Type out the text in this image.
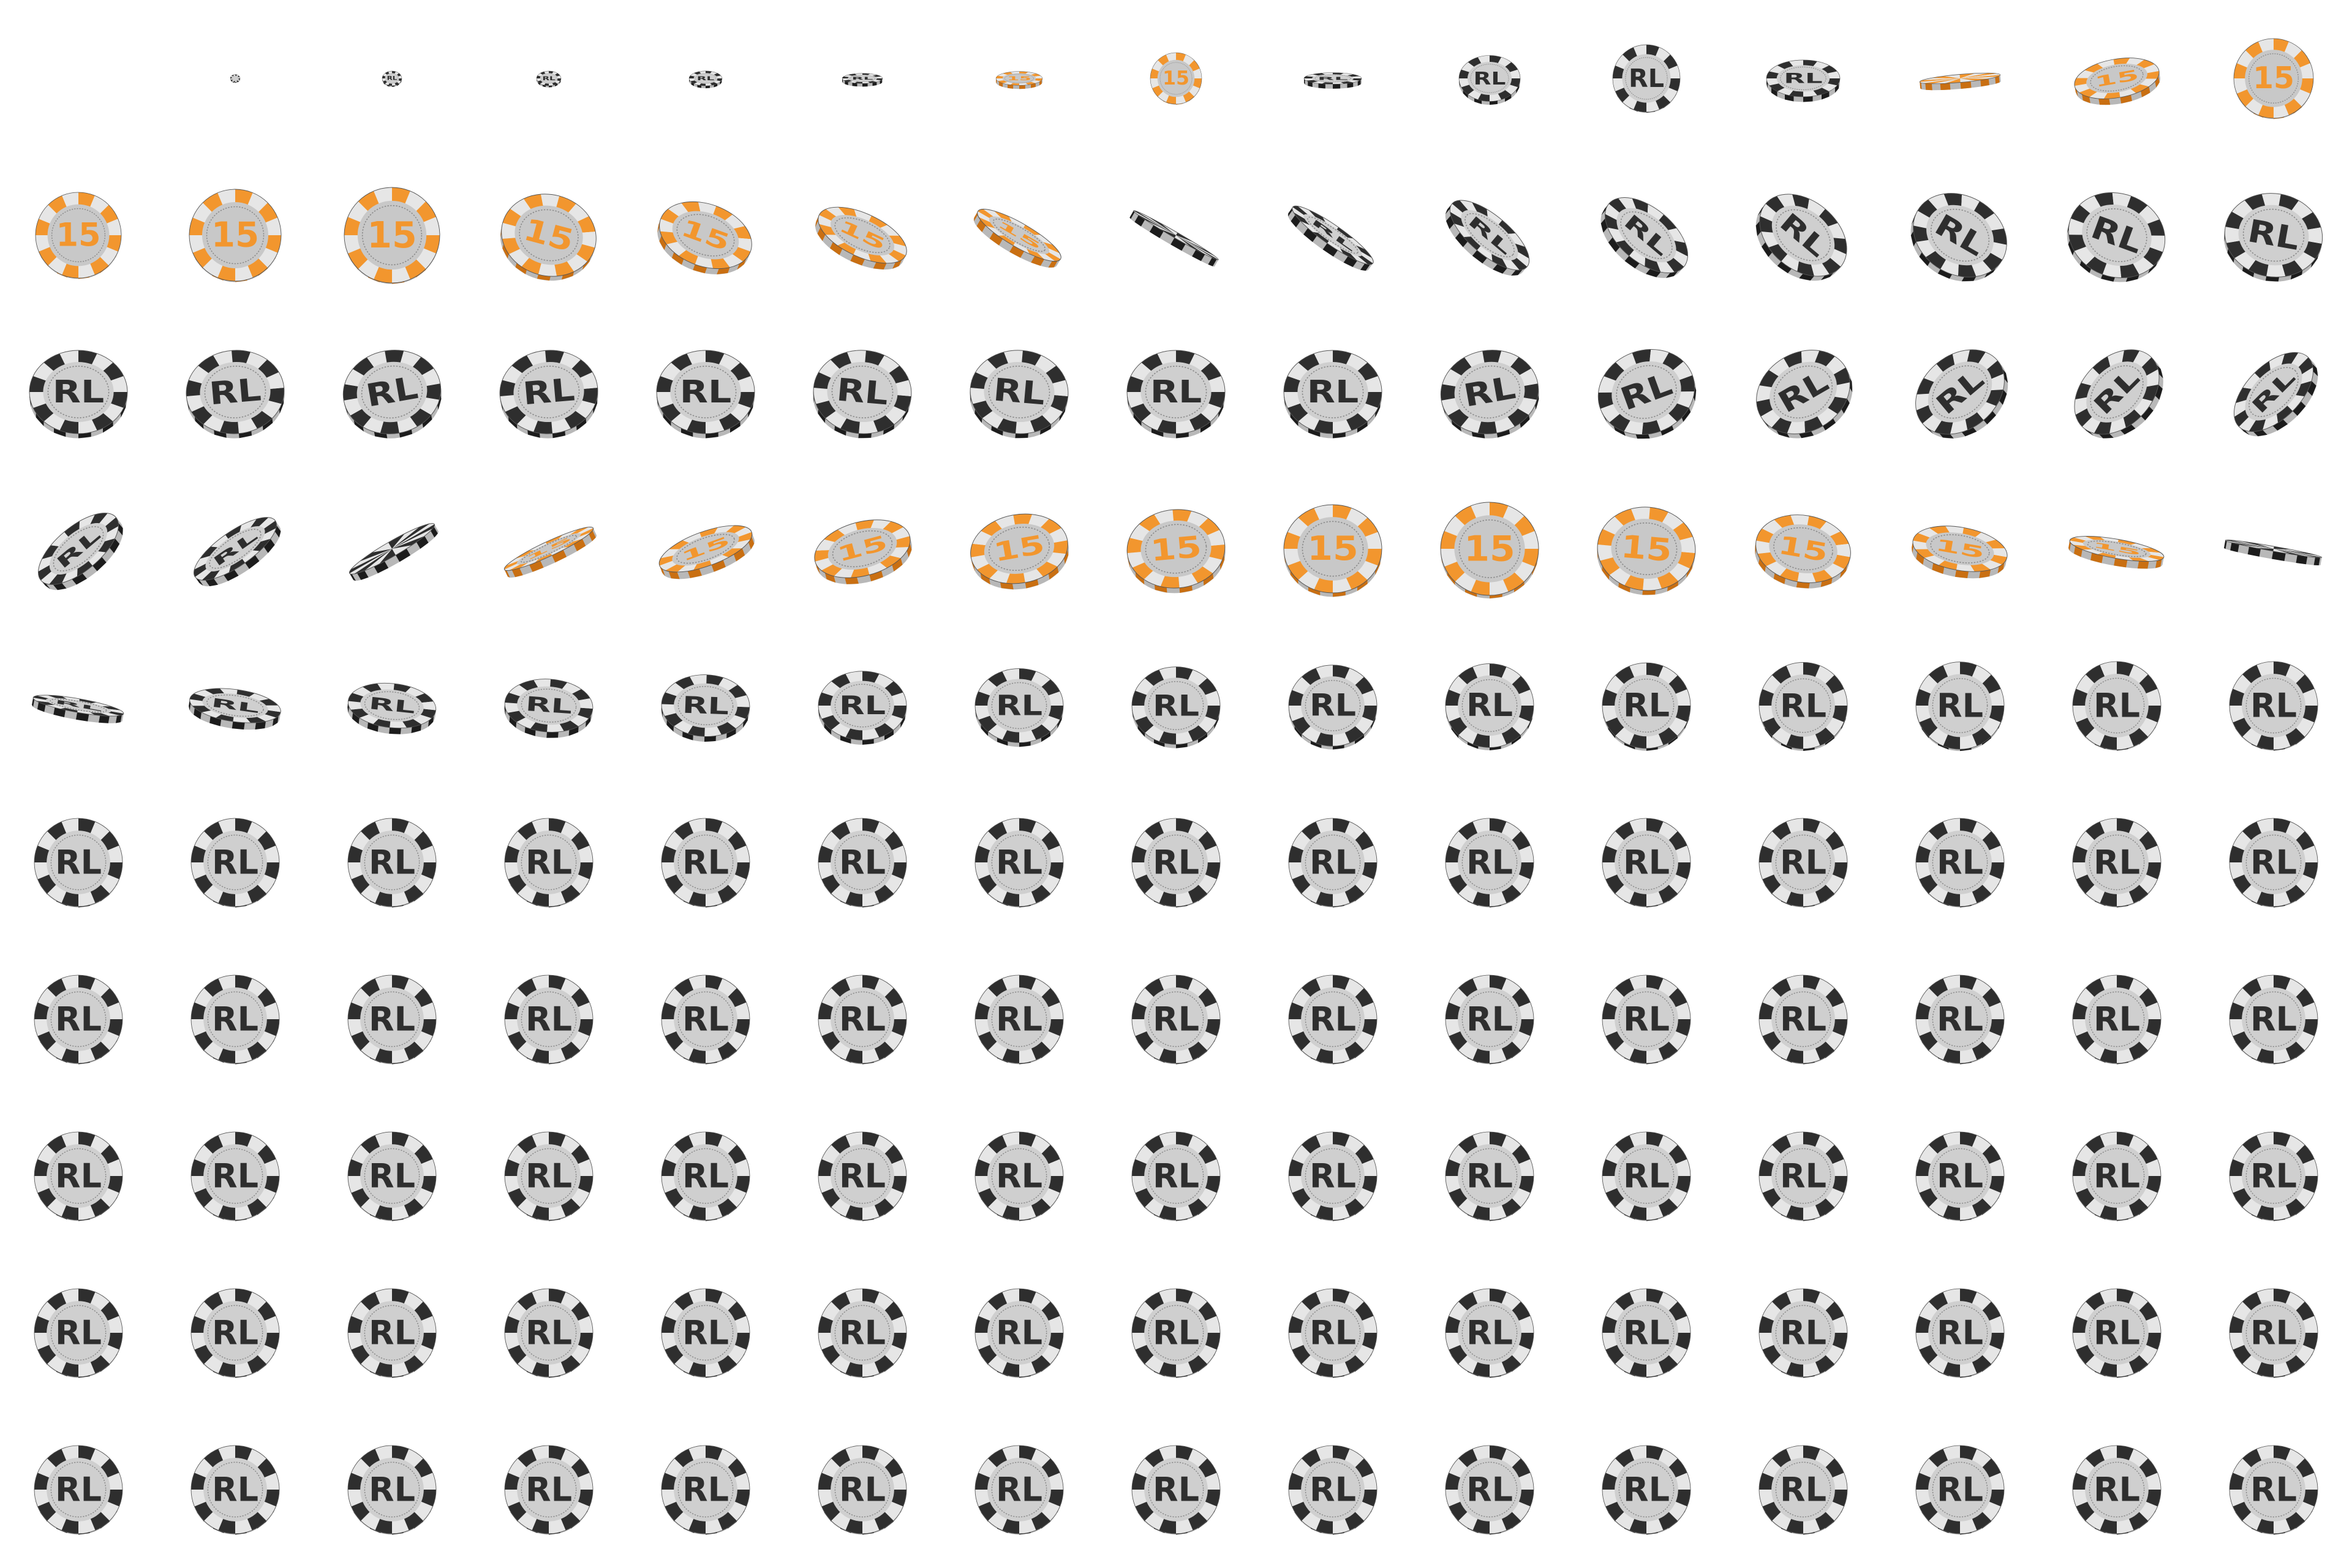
RL	RL	RL	RL	15	15	RL	RL	RL	RL	15	15
15	15	15	15	15	15	15	RL	RL	RL	RL	RL	RL	RL
RL	RL	RL	RL	RL	RL	RL	RL	RL	RL	RL	RL	RL	RL	RL
RL	RL	15	15	15	15	15	15	15	15	15	15	15
RL	RL	RL	RL	RL	RL	RL	RL	RL	RL	RL	RL	RL	RL	RL
RL	RL	RL	RL	RL	RL	RL	RL	RL	RL	RL	RL	RL	RL	RL
RL	RL	RL	RL	RL	RL	RL	RL	RL	RL	RL	RL	RL	RL	RL
RL	RL	RL	RL	RL	RL	RL	RL	RL	RL	RL	RL	RL	RL	RL
RL	RL	RL	RL	RL	RL	RL	RL	RL	RL	RL	RL	RL	RL	RL
RL	RL	RL	RL	RL	RL	RL	RL	RL	RL	RL	RL	RL	RL	RL
